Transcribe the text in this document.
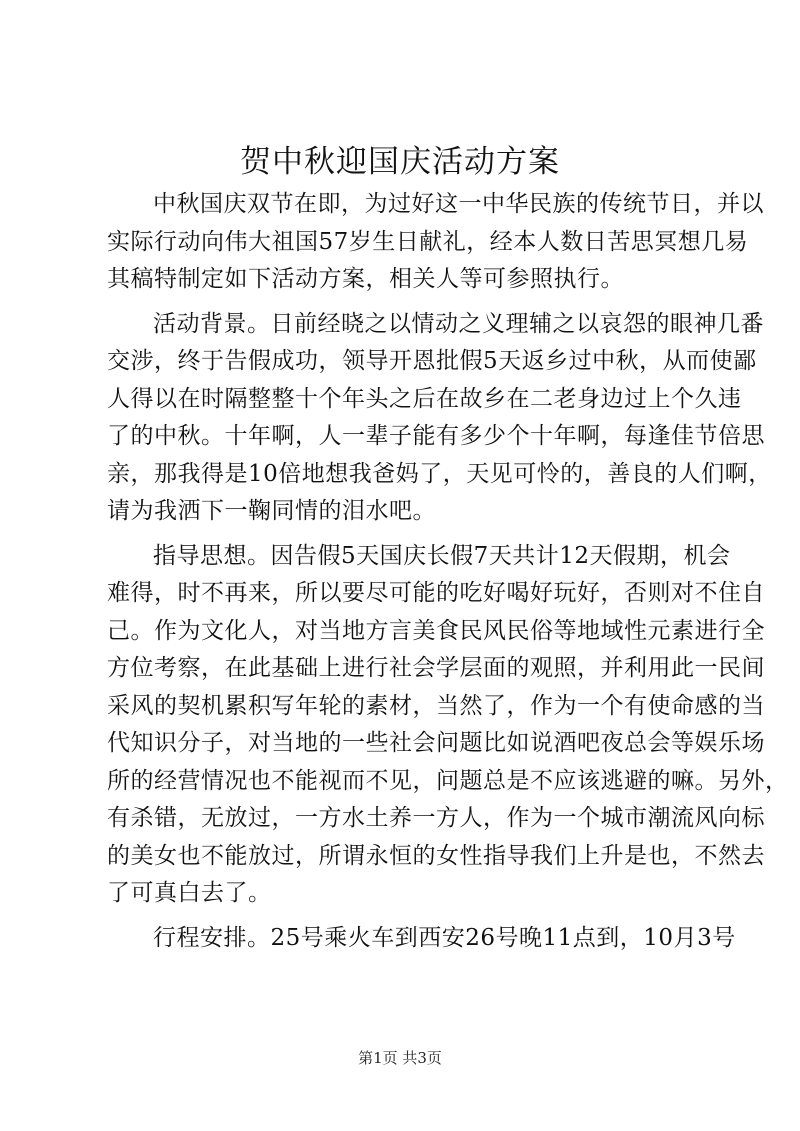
贺中秋迎国庆活动方案
中秋国庆双节在即，为过好这一中华民族的传统节日，并以
实际行动向伟大祖国57岁生日献礼，经本人数日苦思冥想几易
其稿特制定如下活动方案，相关人等可参照执行。
活动背景。日前经晓之以情动之义理辅之以哀怨的眼神几番
交涉，终于告假成功，领导开恩批假5天返乡过中秋，从而使鄙
人得以在时隔整整十个年头之后在故乡在二老身边过上个久违
了的中秋。十年啊，人一辈子能有多少个十年啊，每逢佳节倍思
亲，那我得是10倍地想我爸妈了，天见可怜的，善良的人们啊，
请为我洒下一鞠同情的泪水吧。
指导思想。因告假5天国庆长假7天共计12天假期，机会
难得，时不再来，所以要尽可能的吃好喝好玩好，否则对不住自
己。作为文化人，对当地方言美食民风民俗等地域性元素进行全
方位考察，在此基础上进行社会学层面的观照，并利用此一民间
采风的契机累积写年轮的素材，当然了，作为一个有使命感的当
代知识分子，对当地的一些社会问题比如说酒吧夜总会等娱乐场
所的经营情况也不能视而不见，问题总是不应该逃避的嘛。另外，
有杀错，无放过，一方水土养一方人，作为一个城市潮流风向标
的美女也不能放过，所谓永恒的女性指导我们上升是也，不然去
了可真白去了。
行程安排。25号乘火车到西安26号晚11点到，10月3号
第1页 共3页
